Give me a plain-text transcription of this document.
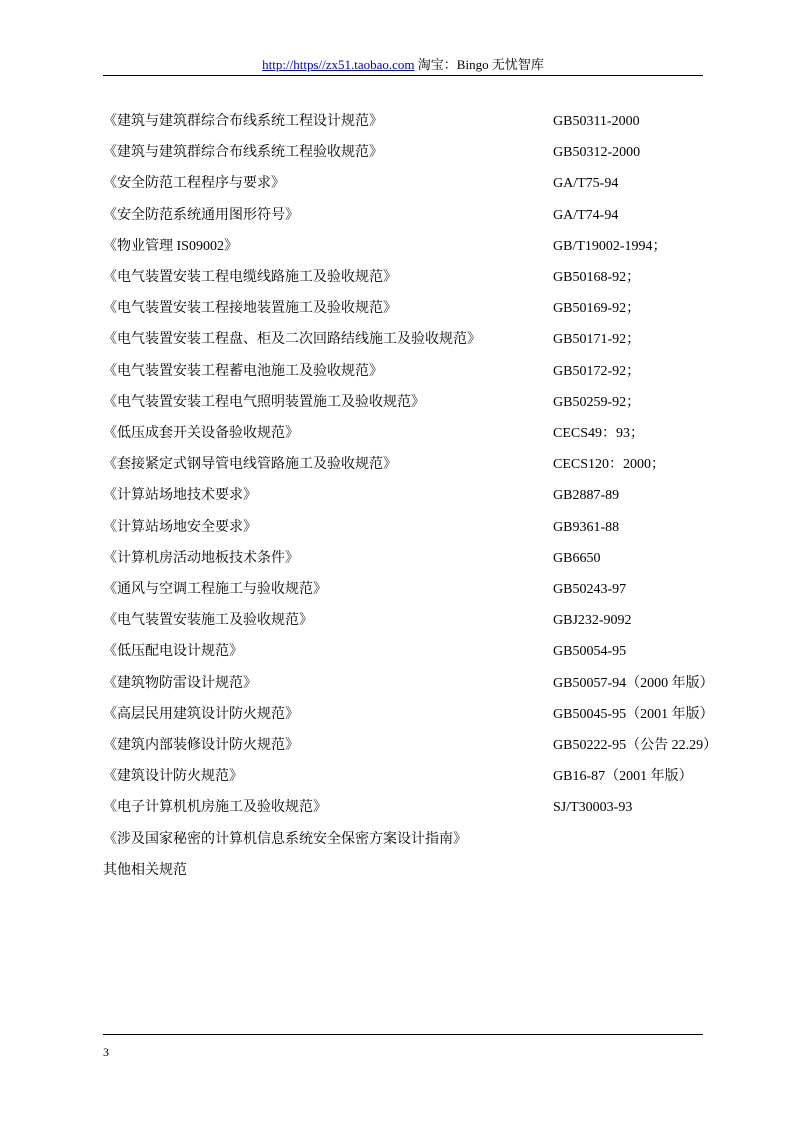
http://https//zx51.taobao.com 淘宝：Bingo 无忧智库
《建筑与建筑群综合布线系统工程设计规范》	GB50311-2000
《建筑与建筑群综合布线系统工程验收规范》	GB50312-2000
《安全防范工程程序与要求》	GA/T75-94
《安全防范系统通用图形符号》	GA/T74-94
《物业管理 IS09002》	GB/T19002-1994；
《电气装置安装工程电缆线路施工及验收规范》	GB50168-92；
《电气装置安装工程接地装置施工及验收规范》	GB50169-92；
《电气装置安装工程盘、柜及二次回路结线施工及验收规范》	GB50171-92；
《电气装置安装工程蓄电池施工及验收规范》	GB50172-92；
《电气装置安装工程电气照明装置施工及验收规范》	GB50259-92；
《低压成套开关设备验收规范》	CECS49：93；
《套接紧定式钢导管电线管路施工及验收规范》	CECS120：2000；
《计算站场地技术要求》	GB2887-89
《计算站场地安全要求》	GB9361-88
《计算机房活动地板技术条件》	GB6650
《通风与空调工程施工与验收规范》	GB50243-97
《电气装置安装施工及验收规范》	GBJ232-9092
《低压配电设计规范》	GB50054-95
《建筑物防雷设计规范》	GB50057-94（2000 年版）
《高层民用建筑设计防火规范》	GB50045-95（2001 年版）
《建筑内部装修设计防火规范》	GB50222-95（公告 22.29）
《建筑设计防火规范》	GB16-87（2001 年版）
《电子计算机机房施工及验收规范》	SJ/T30003-93
《涉及国家秘密的计算机信息系统安全保密方案设计指南》
其他相关规范
3
